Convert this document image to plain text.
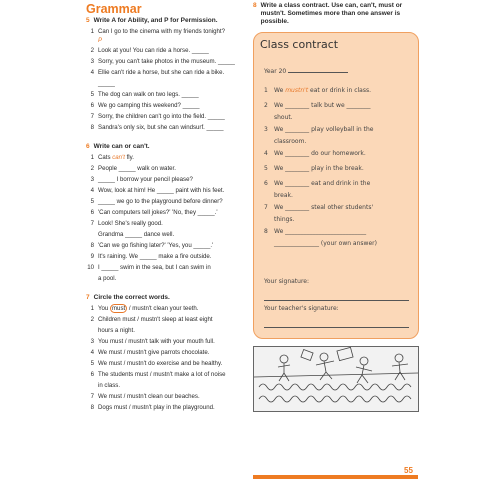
Grammar
5 Write A for Ability, and P for Permission.
1 Can I go to the cinema with my friends tonight?
P
2 Look at you! You can ride a horse. _____
3 Sorry, you can't take photos in the museum. _____
4 Ellie can't ride a horse, but she can ride a bike. _____
5 The dog can walk on two legs. _____
6 We go camping this weekend? _____
7 Sorry, the children can't go into the field. _____
8 Sandra's only six, but she can windsurf. _____
6 Write can or can't.
1 Cats can't fly.
2 People _____ walk on water.
3 _____ I borrow your pencil please?
4 Wow, look at him! He _____ paint with his feet.
5 _____ we go to the playground before dinner?
6 'Can computers tell jokes?' 'No, they _____.'
7 Look! She's really good.
Grandma _____ dance well.
8 'Can we go fishing later?' 'Yes, you _____.'
9 It's raining. We _____ make a fire outside.
10 I _____ swim in the sea, but I can swim in
a pool.
7 Circle the correct words.
1 You must / mustn't clean your teeth.
2 Children must / mustn't sleep at least eight
hours a night.
3 You must / mustn't talk with your mouth full.
4 We must / mustn't give parrots chocolate.
5 We must / mustn't do exercise and be healthy.
6 The students must / mustn't make a lot of noise
in class.
7 We must / mustn't clean our beaches.
8 Dogs must / mustn't play in the playground.
8 Write a class contract. Use can, can't, must or
mustn't. Sometimes more than one answer is
possible.
Class contract
Year 20
1 We mustn't eat or drink in class.
2 We ________ talk but we ________
shout.
3 We ________ play volleyball in the
classroom.
4 We ________ do our homework.
5 We ________ play in the break.
6 We ________ eat and drink in the
break.
7 We ________ steal other students'
things.
8 We ___________________________
_______________ (your own answer)
Your signature:
Your teacher's signature:
55
